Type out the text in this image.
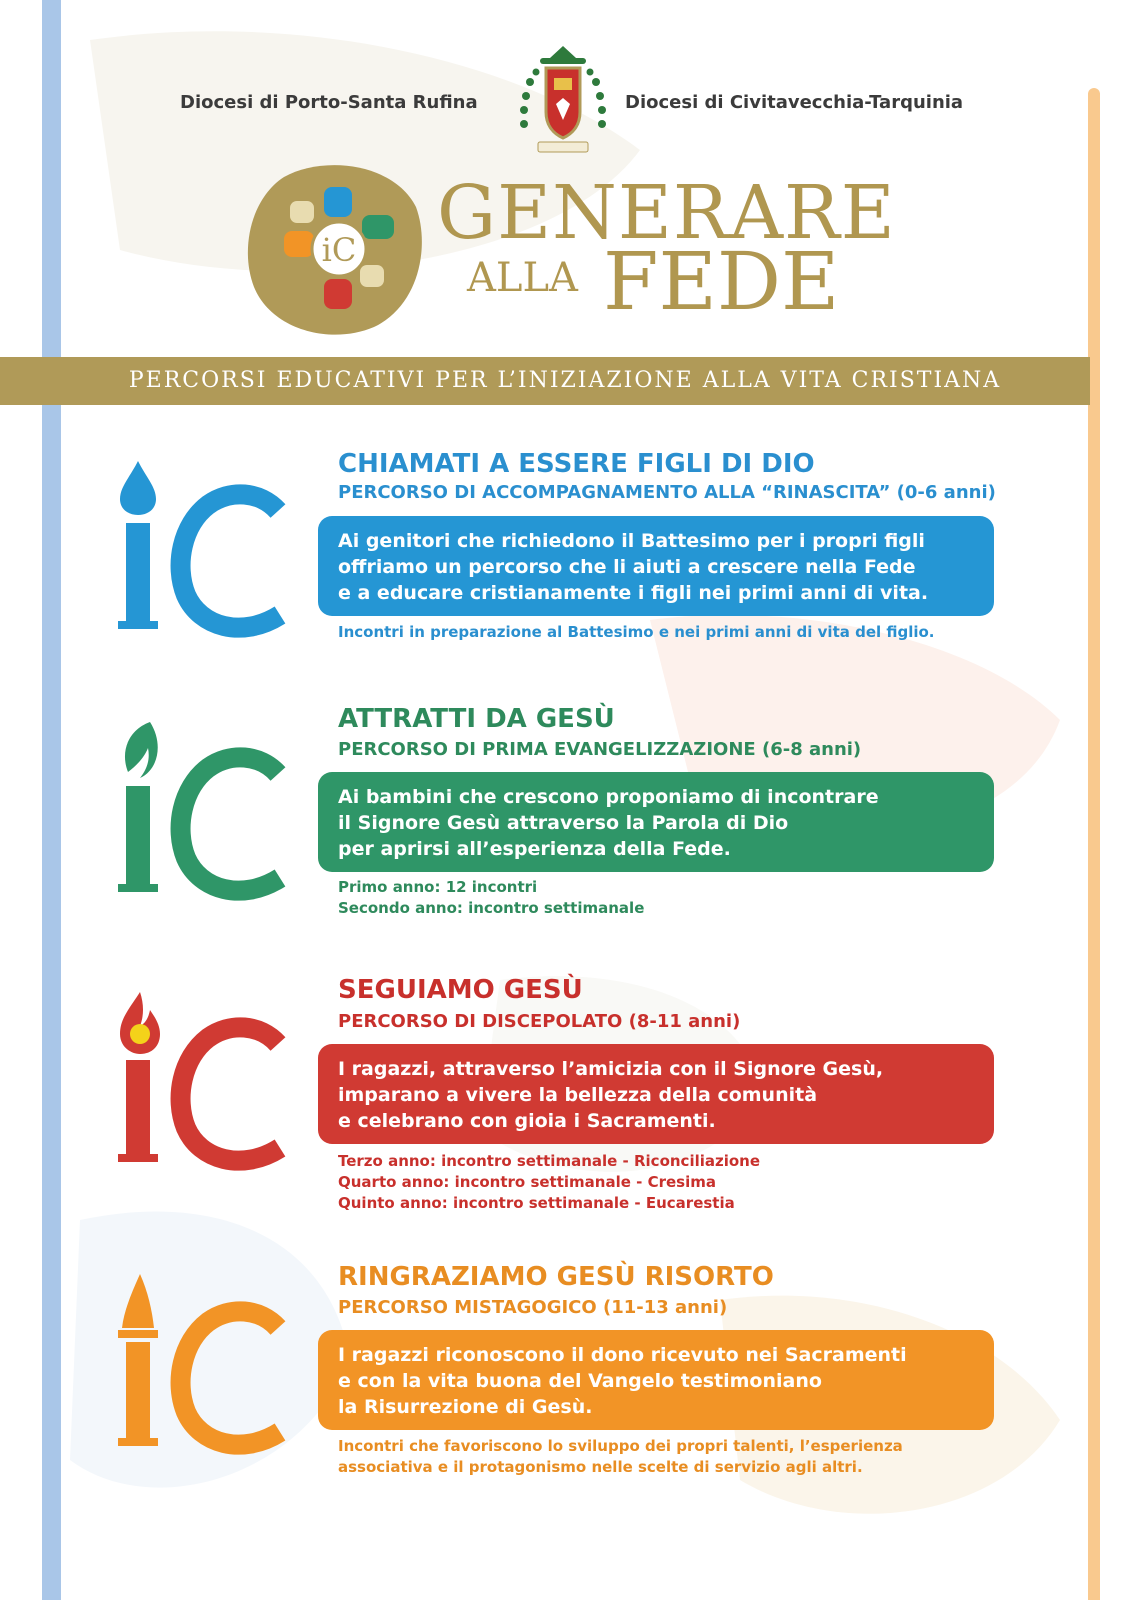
Diocesi di Porto-Santa Rufina	Diocesi di Civitavecchia-Tarquinia
iC GENERARE
ALLA FEDE
PERCORSI EDUCATIVI PER L’INIZIAZIONE ALLA VITA CRISTIANA
CHIAMATI A ESSERE FIGLI DI DIO
PERCORSO DI ACCOMPAGNAMENTO ALLA “RINASCITA” (0-6 anni)
Ai genitori che richiedono il Battesimo per i propri figli
offriamo un percorso che li aiuti a crescere nella Fede
e a educare cristianamente i figli nei primi anni di vita.
Incontri in preparazione al Battesimo e nei primi anni di vita del figlio.
ATTRATTI DA GESÙ
PERCORSO DI PRIMA EVANGELIZZAZIONE (6-8 anni)
Ai bambini che crescono proponiamo di incontrare
il Signore Gesù attraverso la Parola di Dio
per aprirsi all’esperienza della Fede.
Primo anno: 12 incontri
Secondo anno: incontro settimanale
SEGUIAMO GESÙ
PERCORSO DI DISCEPOLATO (8-11 anni)
I ragazzi, attraverso l’amicizia con il Signore Gesù,
imparano a vivere la bellezza della comunità
e celebrano con gioia i Sacramenti.
Terzo anno: incontro settimanale - Riconciliazione
Quarto anno: incontro settimanale - Cresima
Quinto anno: incontro settimanale - Eucarestia
RINGRAZIAMO GESÙ RISORTO
PERCORSO MISTAGOGICO (11-13 anni)
I ragazzi riconoscono il dono ricevuto nei Sacramenti
e con la vita buona del Vangelo testimoniano
la Risurrezione di Gesù.
Incontri che favoriscono lo sviluppo dei propri talenti, l’esperienza
associativa e il protagonismo nelle scelte di servizio agli altri.
